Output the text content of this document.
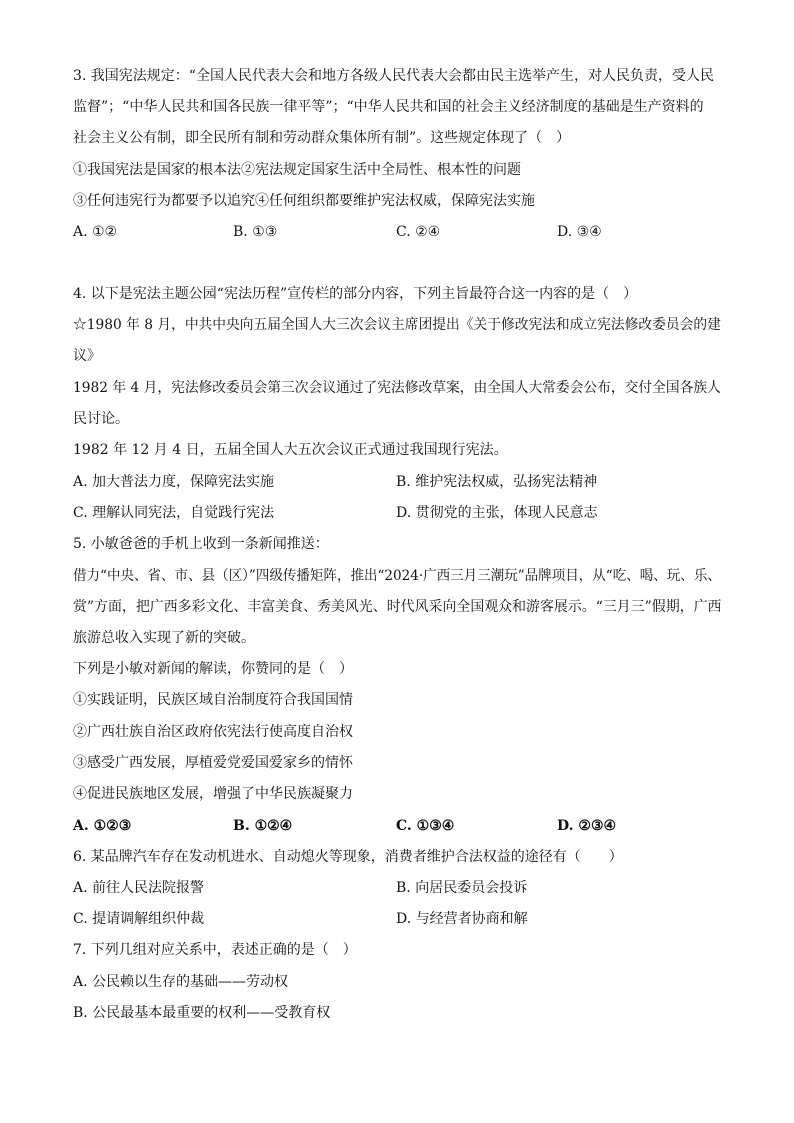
3. 我国宪法规定：“全国人民代表大会和地方各级人民代表大会都由民主选举产生，对人民负责，受人民
监督”；“中华人民共和国各民族一律平等”；“中华人民共和国的社会主义经济制度的基础是生产资料的
社会主义公有制，即全民所有制和劳动群众集体所有制”。这些规定体现了（　）
①我国宪法是国家的根本法②宪法规定国家生活中全局性、根本性的问题
③任何违宪行为都要予以追究④任何组织都要维护宪法权威，保障宪法实施
A. ①②	B. ①③	C. ②④	D. ③④
4. 以下是宪法主题公园“宪法历程”宣传栏的部分内容，下列主旨最符合这一内容的是（　）
☆1980 年 8 月，中共中央向五届全国人大三次会议主席团提出《关于修改宪法和成立宪法修改委员会的建
议》
1982 年 4 月，宪法修改委员会第三次会议通过了宪法修改草案，由全国人大常委会公布，交付全国各族人
民讨论。
1982 年 12 月 4 日，五届全国人大五次会议正式通过我国现行宪法。
A. 加大普法力度，保障宪法实施	B. 维护宪法权威，弘扬宪法精神
C. 理解认同宪法，自觉践行宪法	D. 贯彻党的主张，体现人民意志
5. 小敏爸爸的手机上收到一条新闻推送：
借力“中央、省、市、县（区）”四级传播矩阵，推出“2024·广西三月三潮玩”品牌项目，从“吃、喝、玩、乐、
赏”方面，把广西多彩文化、丰富美食、秀美风光、时代风采向全国观众和游客展示。“三月三”假期，广西
旅游总收入实现了新的突破。
下列是小敏对新闻的解读，你赞同的是（　）
①实践证明，民族区域自治制度符合我国国情
②广西壮族自治区政府依宪法行使高度自治权
③感受广西发展，厚植爱党爱国爱家乡的情怀
④促进民族地区发展，增强了中华民族凝聚力
A. ①②③	B. ①②④	C. ①③④	D. ②③④
6. 某品牌汽车存在发动机进水、自动熄火等现象，消费者维护合法权益的途径有（　　）
A. 前往人民法院报警	B. 向居民委员会投诉
C. 提请调解组织仲裁	D. 与经营者协商和解
7. 下列几组对应关系中，表述正确的是（　）
A. 公民赖以生存的基础——劳动权
B. 公民最基本最重要的权利——受教育权
